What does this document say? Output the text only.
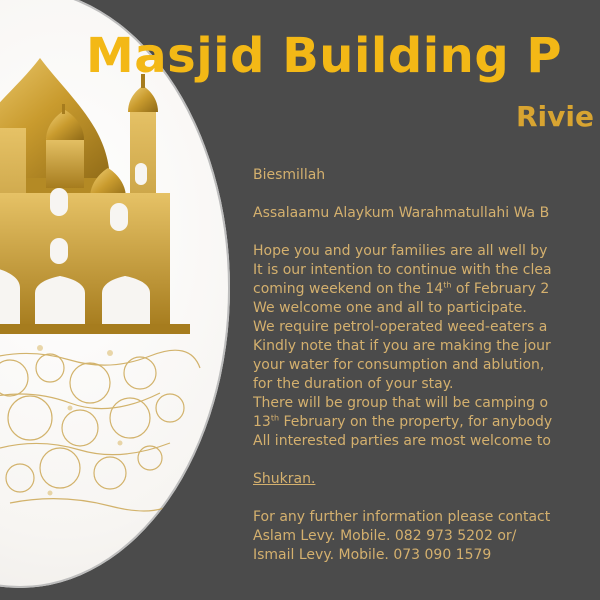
Masjid Building P
Rivie

Biesmillah

Assalaamu Alaykum Warahmatullahi Wa B

Hope you and your families are all well by

It is our intention to continue with the clea

coming weekend on the 14th of February 2

We welcome one and all to participate.

We require petrol-operated weed-eaters a

Kindly note that if you are making the jour

your water for consumption and ablution,

for the duration of your stay.

There will be group that will be camping o

13th February on the property, for anybody

All interested parties are most welcome to

Shukran.

For any further information please contact

Aslam Levy. Mobile. 082 973 5202 or/

Ismail Levy. Mobile. 073 090 1579
